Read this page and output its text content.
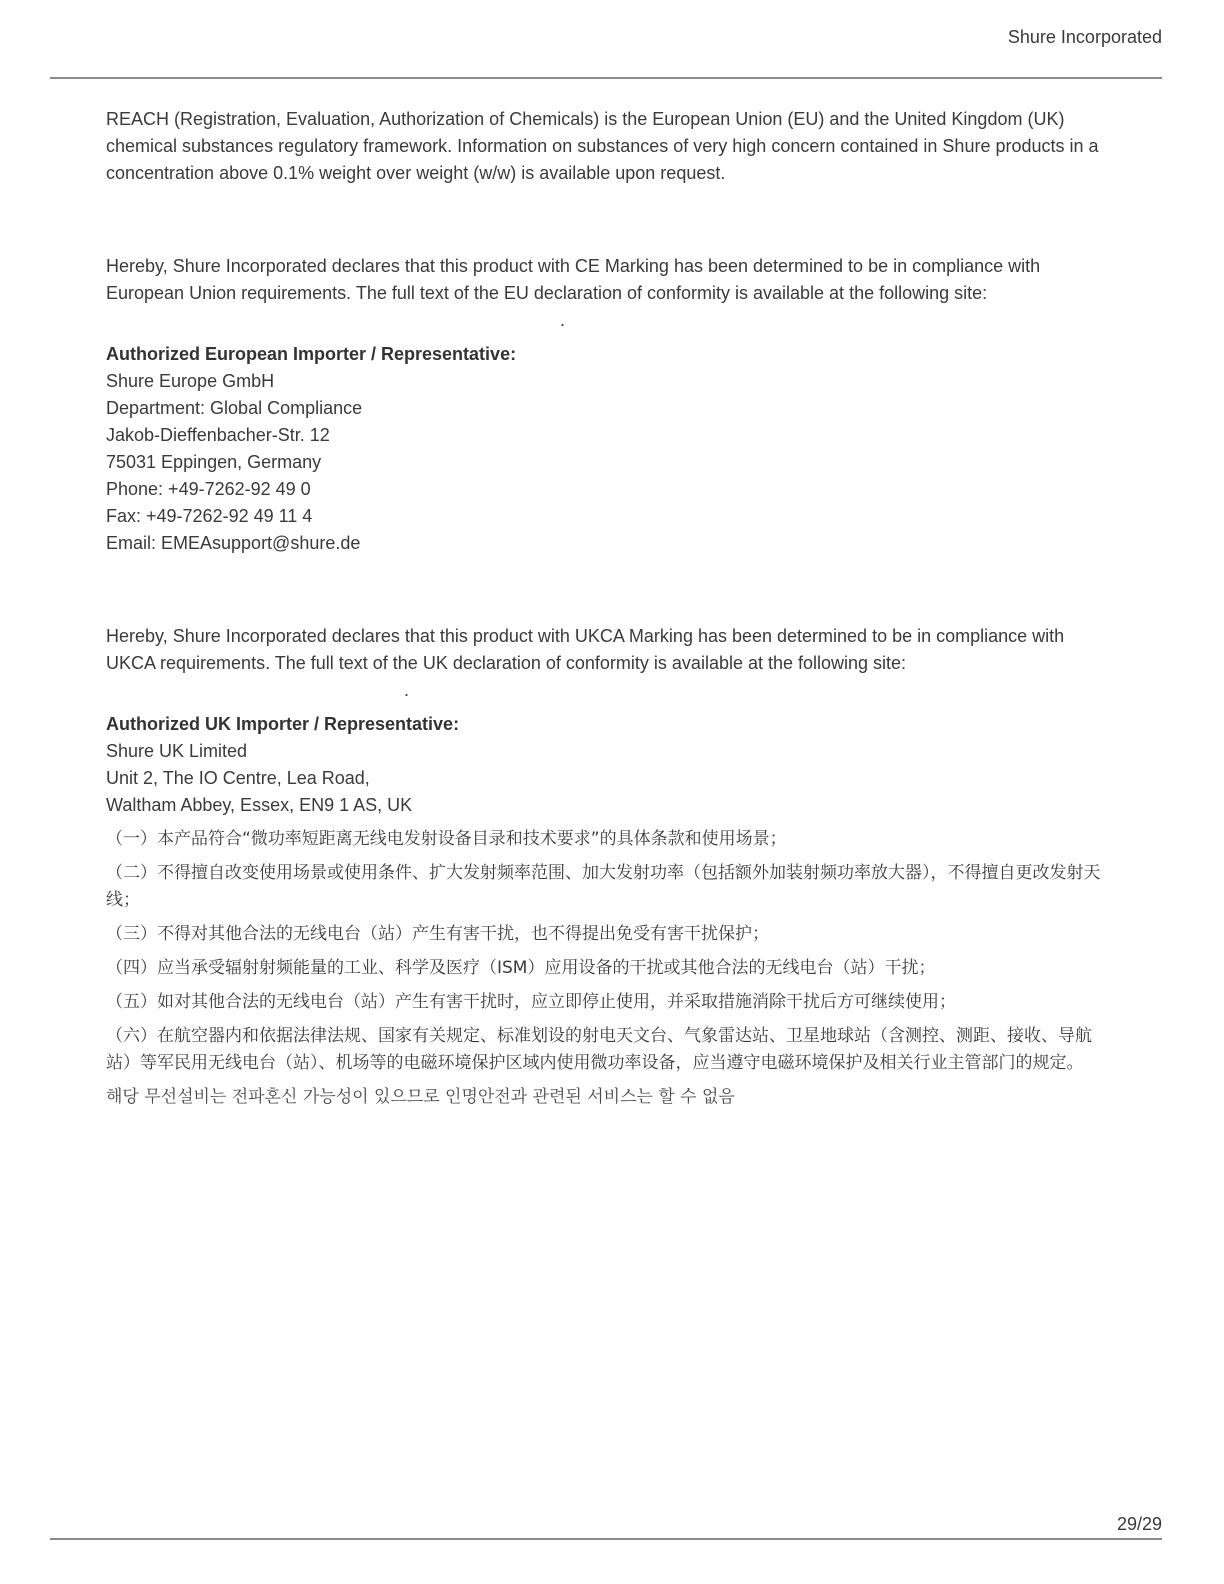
Shure Incorporated

REACH (Registration, Evaluation, Authorization of Chemicals) is the European Union (EU) and the United Kingdom (UK) chemical substances regulatory framework. Information on substances of very high concern contained in Shure products in a concentration above 0.1% weight over weight (w/w) is available upon request.

Hereby, Shure Incorporated declares that this product with CE Marking has been determined to be in compliance with European Union requirements. The full text of the EU declaration of conformity is available at the following site:

.
Authorized European Importer / Representative:
Shure Europe GmbH
Department: Global Compliance
Jakob-Dieffenbacher-Str. 12
75031 Eppingen, Germany
Phone: +49-7262-92 49 0
Fax: +49-7262-92 49 11 4
Email: EMEAsupport@shure.de

Hereby, Shure Incorporated declares that this product with UKCA Marking has been determined to be in compliance with UKCA requirements. The full text of the UK declaration of conformity is available at the following site:

.
Authorized UK Importer / Representative:
Shure UK Limited
Unit 2, The IO Centre, Lea Road,
Waltham Abbey, Essex, EN9 1 AS, UK

（一）本产品符合“微功率短距离无线电发射设备目录和技术要求”的具体条款和使用场景；

（二）不得擅自改变使用场景或使用条件、扩大发射频率范围、加大发射功率（包括额外加装射频功率放大器），不得擅自更改发射天线；

（三）不得对其他合法的无线电台（站）产生有害干扰，也不得提出免受有害干扰保护；

（四）应当承受辐射射频能量的工业、科学及医疗（ISM）应用设备的干扰或其他合法的无线电台（站）干扰；

（五）如对其他合法的无线电台（站）产生有害干扰时，应立即停止使用，并采取措施消除干扰后方可继续使用；

（六）在航空器内和依据法律法规、国家有关规定、标准划设的射电天文台、气象雷达站、卫星地球站（含测控、测距、接收、导航站）等军民用无线电台（站）、机场等的电磁环境保护区域内使用微功率设备，应当遵守电磁环境保护及相关行业主管部门的规定。

해당 무선설비는 전파혼신 가능성이 있으므로 인명안전과 관련된 서비스는 할 수 없음

29/29
